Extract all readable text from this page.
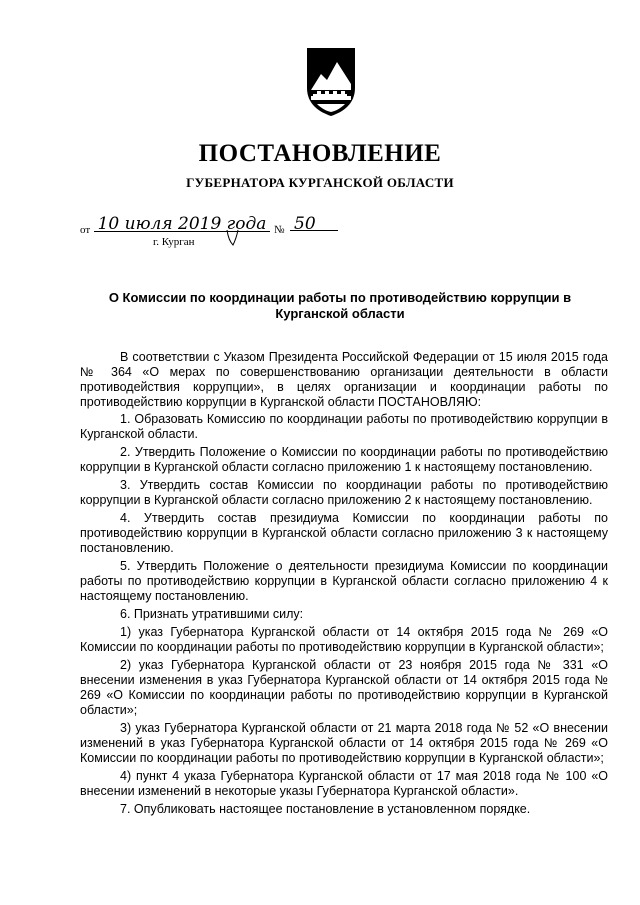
ПОСТАНОВЛЕНИЕ
ГУБЕРНАТОРА КУРГАНСКОЙ ОБЛАСТИ
от 10 июля 2019 года № 50
г. Курган
О Комиссии по координации работы по противодействию коррупции в Курганской области

В соответствии с Указом Президента Российской Федерации от 15 июля 2015 года № 364 «О мерах по совершенствованию организации деятельности в области противодействия коррупции», в целях организации и координации работы по противодействию коррупции в Курганской области ПОСТАНОВЛЯЮ:

1. Образовать Комиссию по координации работы по противодействию коррупции в Курганской области.

2. Утвердить Положение о Комиссии по координации работы по противодействию коррупции в Курганской области согласно приложению 1 к настоящему постановлению.

3. Утвердить состав Комиссии по координации работы по противодействию коррупции в Курганской области согласно приложению 2 к настоящему постановлению.

4. Утвердить состав президиума Комиссии по координации работы по противодействию коррупции в Курганской области согласно приложению 3 к настоящему постановлению.

5. Утвердить Положение о деятельности президиума Комиссии по координации работы по противодействию коррупции в Курганской области согласно приложению 4 к настоящему постановлению.

6. Признать утратившими силу:

1) указ Губернатора Курганской области от 14 октября 2015 года № 269 «О Комиссии по координации работы по противодействию коррупции в Курганской области»;

2) указ Губернатора Курганской области от 23 ноября 2015 года № 331 «О внесении изменения в указ Губернатора Курганской области от 14 октября 2015 года № 269 «О Комиссии по координации работы по противодействию коррупции в Курганской области»;

3) указ Губернатора Курганской области от 21 марта 2018 года № 52 «О внесении изменений в указ Губернатора Курганской области от 14 октября 2015 года № 269 «О Комиссии по координации работы по противодействию коррупции в Курганской области»;

4) пункт 4 указа Губернатора Курганской области от 17 мая 2018 года № 100 «О внесении изменений в некоторые указы Губернатора Курганской области».

7. Опубликовать настоящее постановление в установленном порядке.
